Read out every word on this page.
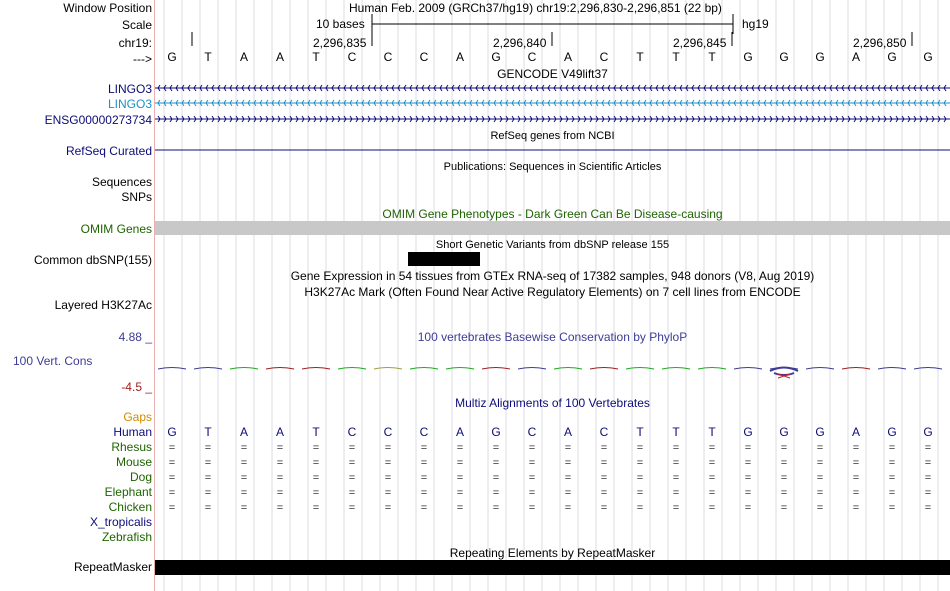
Window Position	Human Feb. 2009 (GRCh37/hg19) chr19:2,296,830-2,296,851 (22 bp)
Scale	10 bases	hg19
chr19:	2,296,835	2,296,840	2,296,845	2,296,850
--->	G	T	A	A	T	C	C	C	A	G	C	A	C	T	T	T	G	G	G	A	G	G
GENCODE V49lift37
LINGO3
LINGO3
ENSG00000273734
RefSeq genes from NCBI
RefSeq Curated
Publications: Sequences in Scientific Articles
Sequences
SNPs
OMIM Gene Phenotypes - Dark Green Can Be Disease-causing
OMIM Genes
Short Genetic Variants from dbSNP release 155
Common dbSNP(155)
Gene Expression in 54 tissues from GTEx RNA-seq of 17382 samples, 948 donors (V8, Aug 2019)
H3K27Ac Mark (Often Found Near Active Regulatory Elements) on 7 cell lines from ENCODE
Layered H3K27Ac
4.88 _	100 vertebrates Basewise Conservation by PhyloP
100 Vert. Cons
-4.5 _
Multiz Alignments of 100 Vertebrates
Gaps
Human	G	T	A	A	T	C	C	C	A	G	C	A	C	T	T	T	G	G	G	A	G	G
Rhesus	=	=	=	=	=	=	=	=	=	=	=	=	=	=	=	=	=	=	=	=	=	=
Mouse	=	=	=	=	=	=	=	=	=	=	=	=	=	=	=	=	=	=	=	=	=	=
Dog	=	=	=	=	=	=	=	=	=	=	=	=	=	=	=	=	=	=	=	=	=	=
Elephant	=	=	=	=	=	=	=	=	=	=	=	=	=	=	=	=	=	=	=	=	=	=
Chicken	=	=	=	=	=	=	=	=	=	=	=	=	=	=	=	=	=	=	=	=	=	=
X_tropicalis
Zebrafish
Repeating Elements by RepeatMasker
RepeatMasker
